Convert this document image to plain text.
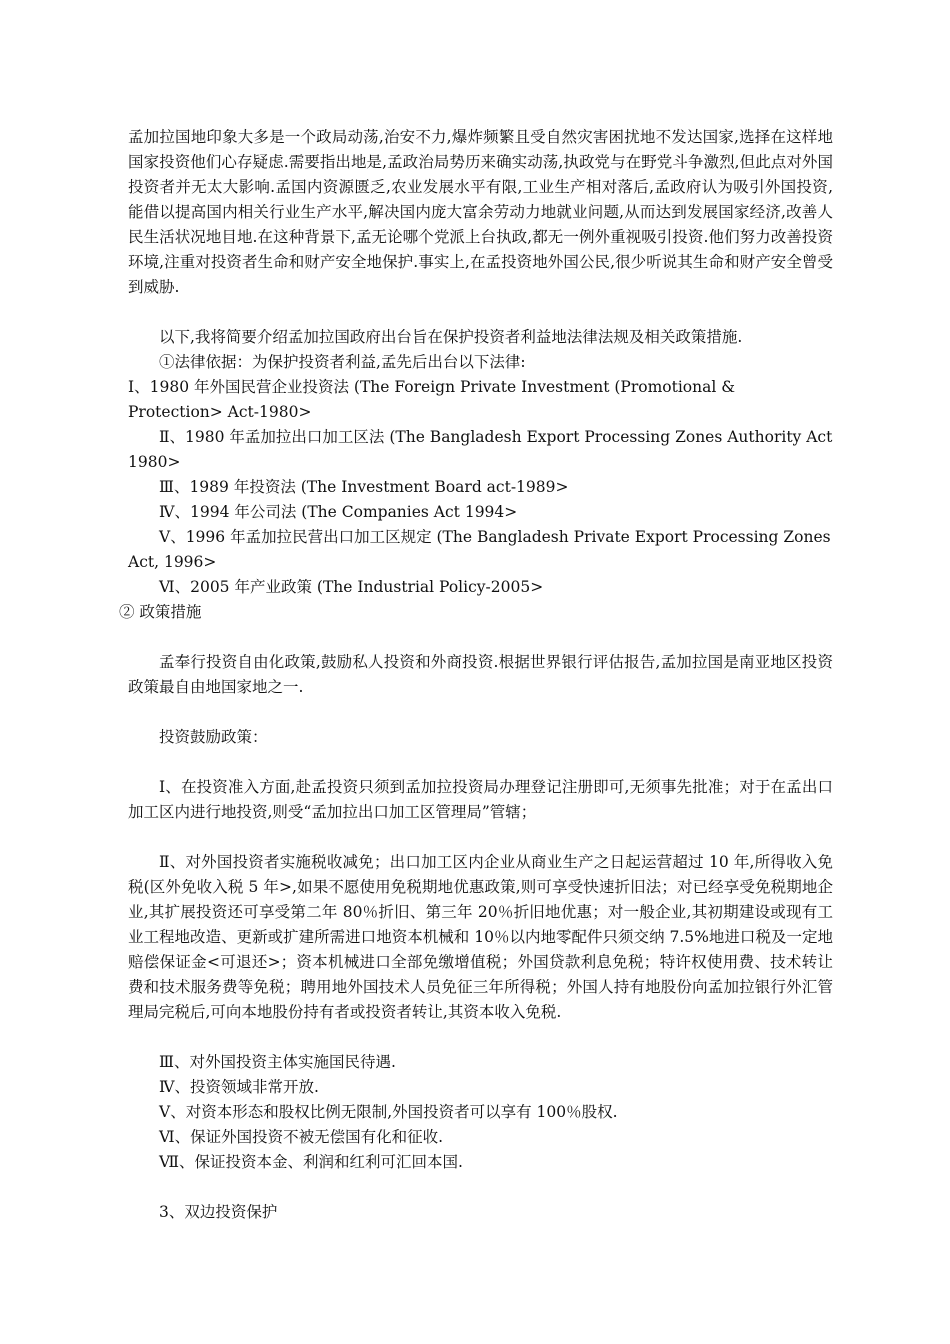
孟加拉国地印象大多是一个政局动荡,治安不力,爆炸频繁且受自然灾害困扰地不发达国家,选择在这样地国家投资他们心存疑虑.需要指出地是,孟政治局势历来确实动荡,执政党与在野党斗争激烈,但此点对外国投资者并无太大影响.孟国内资源匮乏,农业发展水平有限,工业生产相对落后,孟政府认为吸引外国投资,能借以提高国内相关行业生产水平,解决国内庞大富余劳动力地就业问题,从而达到发展国家经济,改善人民生活状况地目地.在这种背景下,孟无论哪个党派上台执政,都无一例外重视吸引投资.他们努力改善投资环境,注重对投资者生命和财产安全地保护.事实上,在孟投资地外国公民,很少听说其生命和财产安全曾受到威胁.

以下,我将简要介绍孟加拉国政府出台旨在保护投资者利益地法律法规及相关政策措施.

①法律依据：为保护投资者利益,孟先后出台以下法律:

Ⅰ、1980 年外国民营企业投资法 (The Foreign Private Investment (Promotional & Protection> Act-1980>

Ⅱ、1980 年孟加拉出口加工区法 (The Bangladesh Export Processing Zones Authority Act 1980>

Ⅲ、1989 年投资法 (The Investment Board act-1989>

Ⅳ、1994 年公司法 (The Companies Act 1994>

Ⅴ、1996 年孟加拉民营出口加工区规定 (The Bangladesh Private Export Processing Zones Act, 1996>

Ⅵ、2005 年产业政策 (The Industrial Policy-2005>

② 政策措施

孟奉行投资自由化政策,鼓励私人投资和外商投资.根据世界银行评估报告,孟加拉国是南亚地区投资政策最自由地国家地之一.

投资鼓励政策：

Ⅰ、在投资准入方面,赴孟投资只须到孟加拉投资局办理登记注册即可,无须事先批准；对于在孟出口加工区内进行地投资,则受“孟加拉出口加工区管理局”管辖；

Ⅱ、对外国投资者实施税收减免；出口加工区内企业从商业生产之日起运营超过 10 年,所得收入免税(区外免收入税 5 年>,如果不愿使用免税期地优惠政策,则可享受快速折旧法；对已经享受免税期地企业,其扩展投资还可享受第二年 80％折旧、第三年 20％折旧地优惠；对一般企业,其初期建设或现有工业工程地改造、更新或扩建所需进口地资本机械和 10％以内地零配件只须交纳 7.5%地进口税及一定地赔偿保证金<可退还>；资本机械进口全部免缴增值税；外国贷款利息免税；特许权使用费、技术转让费和技术服务费等免税；聘用地外国技术人员免征三年所得税；外国人持有地股份向孟加拉银行外汇管理局完税后,可向本地股份持有者或投资者转让,其资本收入免税.

Ⅲ、对外国投资主体实施国民待遇.

Ⅳ、投资领域非常开放.

Ⅴ、对资本形态和股权比例无限制,外国投资者可以享有 100％股权.

Ⅵ、保证外国投资不被无偿国有化和征收.

Ⅶ、保证投资本金、利润和红利可汇回本国.

3、双边投资保护
